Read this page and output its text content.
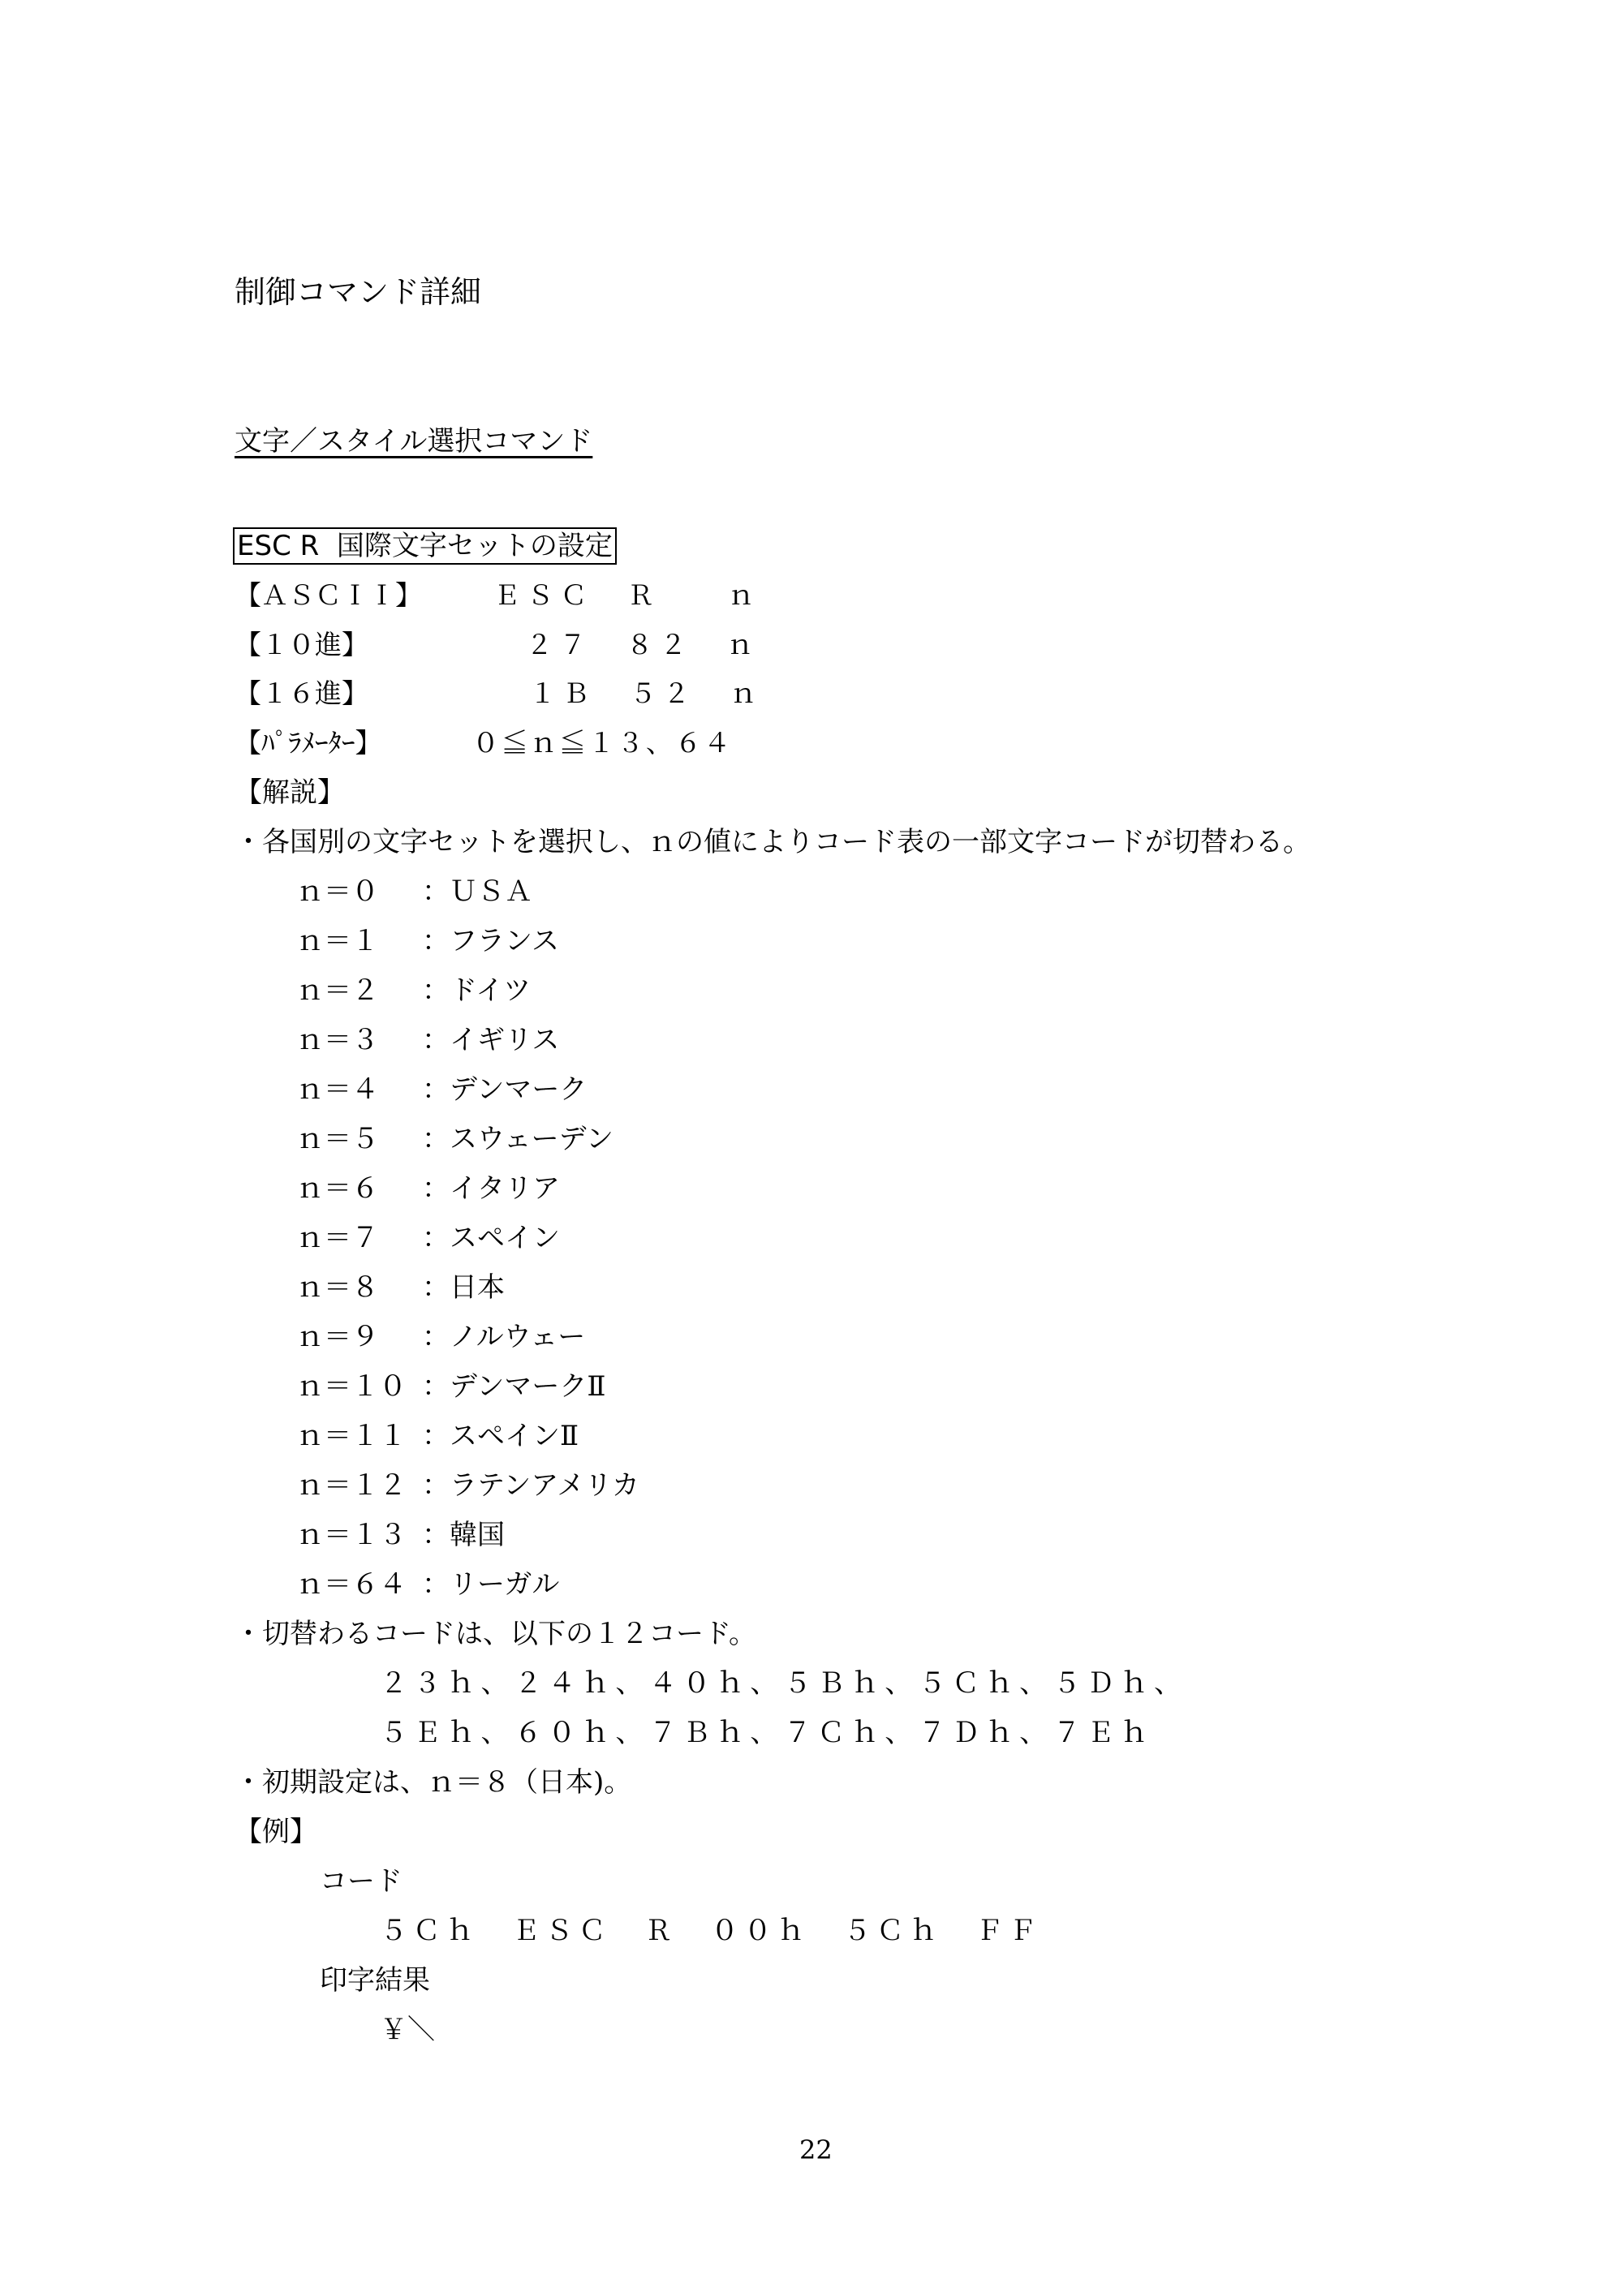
制御コマンド詳細
文字／スタイル選択コマンド
ESC R  国際文字セットの設定
【ＡＳＣＩＩ】	ＥＳＣ　Ｒ　　ｎ
【１０進】	２７　８２　ｎ
【１６進】	１Ｂ　５２　ｎ
【ﾊﾟﾗﾒｰﾀｰ】	０≦ｎ≦１３、６４
【解説】
・各国別の文字セットを選択し、ｎの値によりコード表の一部文字コードが切替わる。
ｎ＝０ ：ＵＳＡ
ｎ＝１ ：フランス
ｎ＝２ ：ドイツ
ｎ＝３ ：イギリス
ｎ＝４ ：デンマーク
ｎ＝５ ：スウェーデン
ｎ＝６ ：イタリア
ｎ＝７ ：スペイン
ｎ＝８ ：日本
ｎ＝９ ：ノルウェー
ｎ＝１０ ：デンマークⅡ
ｎ＝１１ ：スペインⅡ
ｎ＝１２ ：ラテンアメリカ
ｎ＝１３ ：韓国
ｎ＝６４ ：リーガル
・切替わるコードは、以下の１２コード。
２３ｈ、２４ｈ、４０ｈ、５Ｂｈ、５Ｃｈ、５Ｄｈ、
５Ｅｈ、６０ｈ、７Ｂｈ、７Ｃｈ、７Ｄｈ、７Ｅｈ
・初期設定は、ｎ＝８（日本)。
【例】
コード
５Ｃｈ　ＥＳＣ　Ｒ　００ｈ　５Ｃｈ　ＦＦ
印字結果
￥＼
22
